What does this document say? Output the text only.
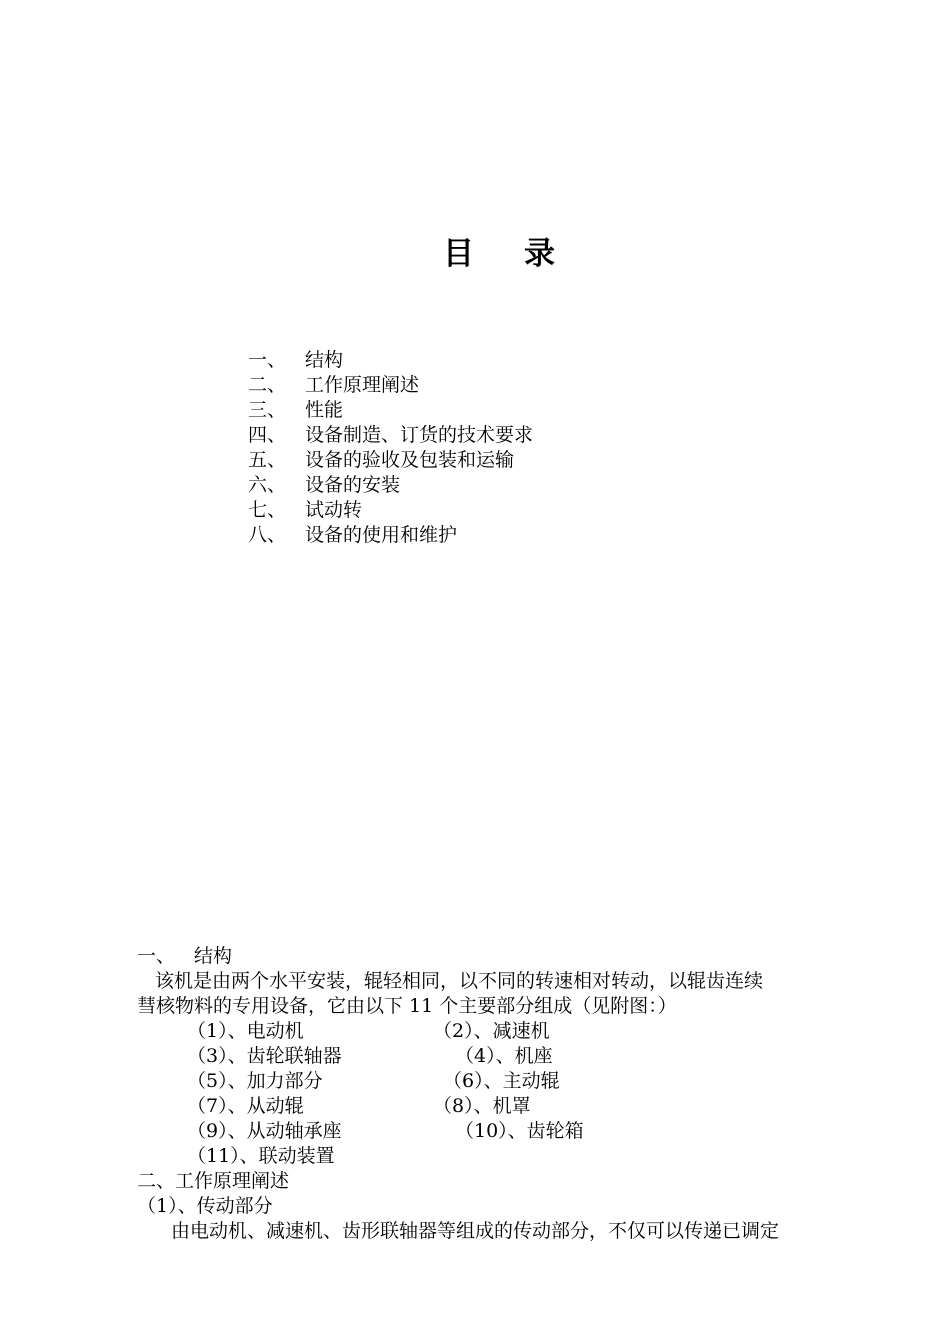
目 录
一、 结构
二、 工作原理阐述
三、 性能
四、 设备制造、订货的技术要求
五、 设备的验收及包装和运输
六、 设备的安装
七、 试动转
八、 设备的使用和维护
一、 结构
该机是由两个水平安装，辊轻相同，以不同的转速相对转动，以辊齿连续
彗核物料的专用设备，它由以下 11 个主要部分组成（见附图：）
（1）、电动机	（2）、减速机
（3）、齿轮联轴器	（4）、机座
（5）、加力部分	（6）、主动辊
（7）、从动辊	（8）、机罩
（9）、从动轴承座	（10）、齿轮箱
（11）、联动装置
二、工作原理阐述
（1）、传动部分
由电动机、减速机、齿形联轴器等组成的传动部分，不仅可以传递已调定
